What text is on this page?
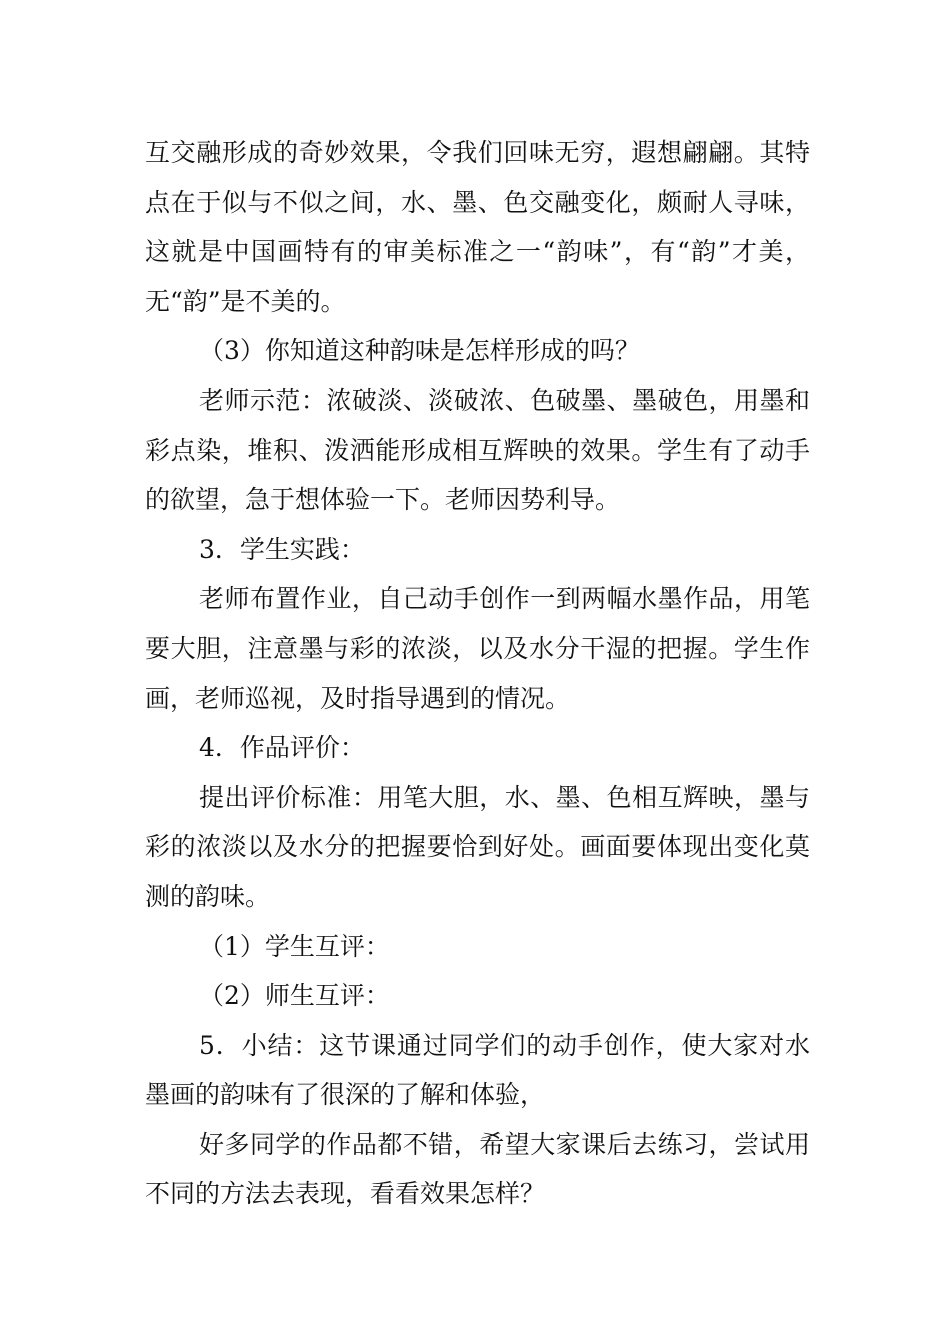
互交融形成的奇妙效果，令我们回味无穷，遐想翩翩。其特点在于似与不似之间，水、墨、色交融变化，颇耐人寻味，这就是中国画特有的审美标准之一“韵味”，有“韵”才美，无“韵”是不美的。

（3）你知道这种韵味是怎样形成的吗？

老师示范：浓破淡、淡破浓、色破墨、墨破色，用墨和彩点染，堆积、泼洒能形成相互辉映的效果。学生有了动手的欲望，急于想体验一下。老师因势利导。

3．学生实践：

老师布置作业，自己动手创作一到两幅水墨作品，用笔要大胆，注意墨与彩的浓淡，以及水分干湿的把握。学生作画，老师巡视，及时指导遇到的情况。

4．作品评价：

提出评价标准：用笔大胆，水、墨、色相互辉映，墨与彩的浓淡以及水分的把握要恰到好处。画面要体现出变化莫测的韵味。

（1）学生互评：

（2）师生互评：

5．小结：这节课通过同学们的动手创作，使大家对水墨画的韵味有了很深的了解和体验，

好多同学的作品都不错，希望大家课后去练习，尝试用不同的方法去表现，看看效果怎样？
